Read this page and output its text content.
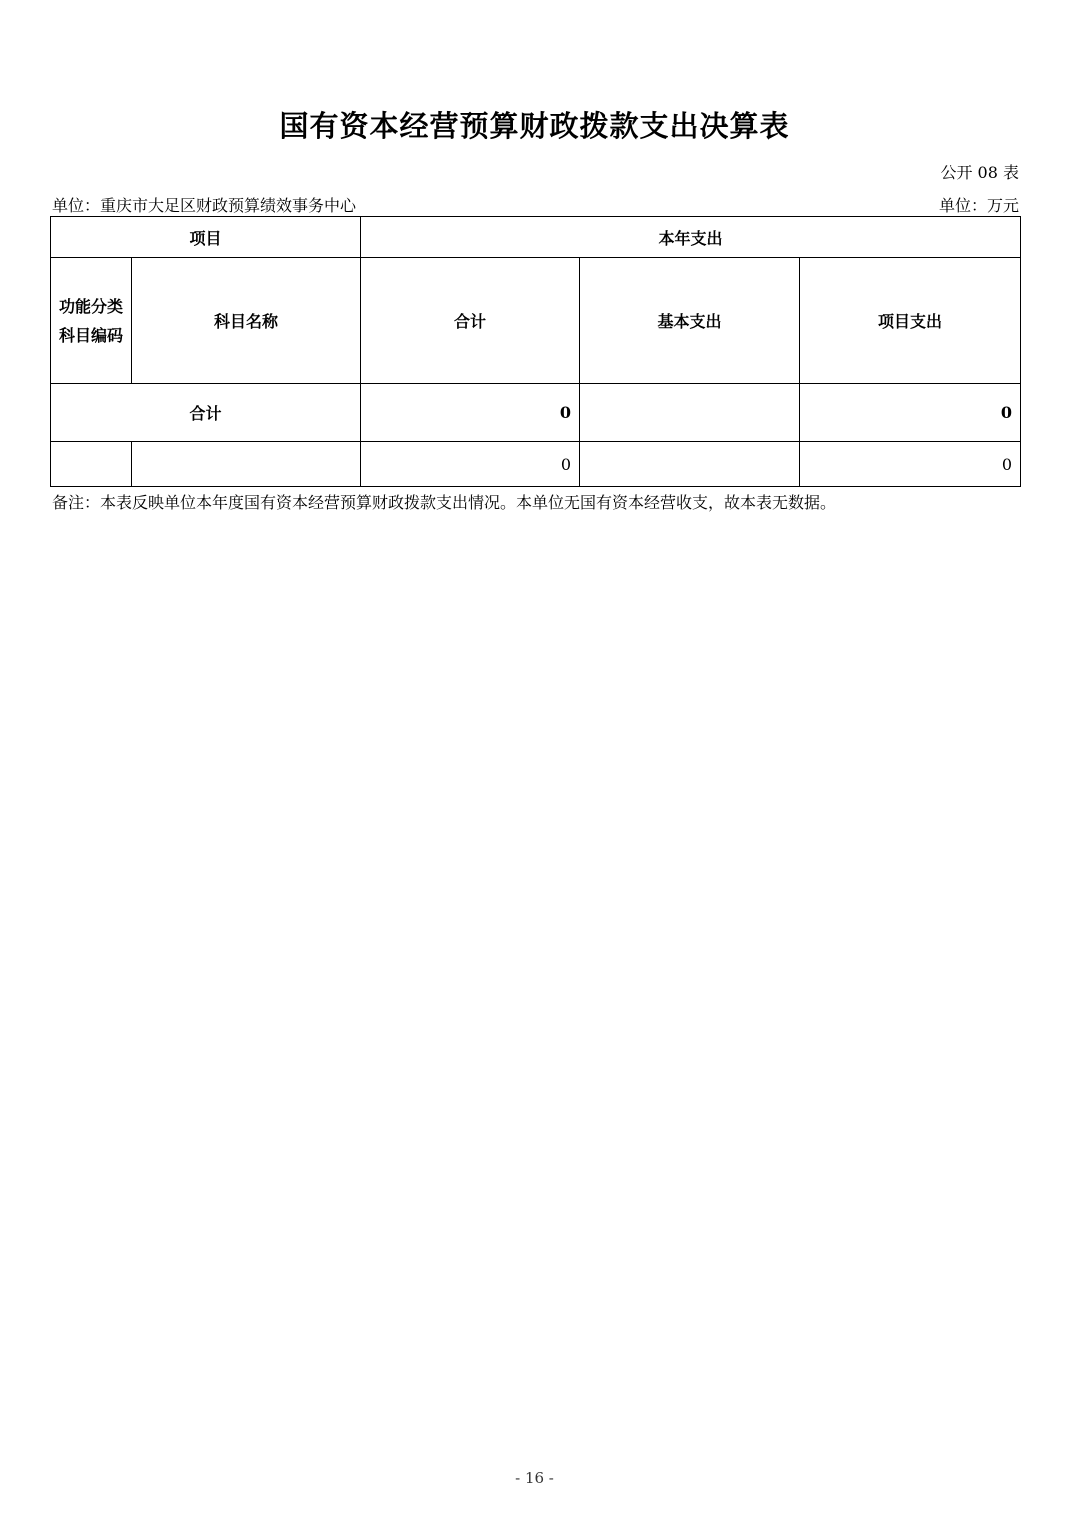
国有资本经营预算财政拨款支出决算表
公开 08 表
单位：重庆市大足区财政预算绩效事务中心	单位：万元
项目		本年支出		
功能分类
科目编码	科目名称	合计	基本支出	项目支出
合计		0		0
		0		0
备注：本表反映单位本年度国有资本经营预算财政拨款支出情况。本单位无国有资本经营收支，故本表无数据。
- 16 -
